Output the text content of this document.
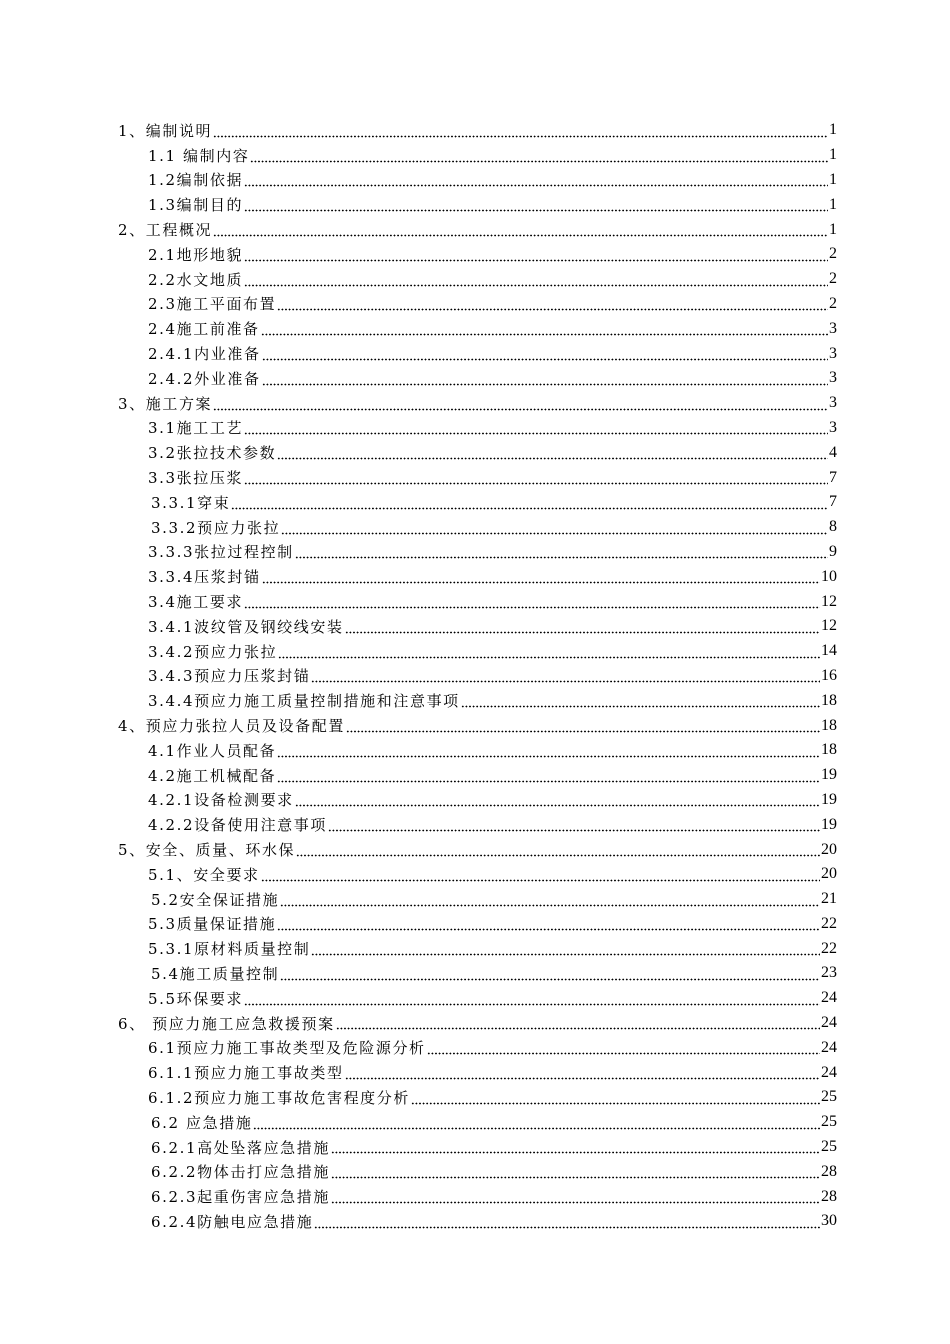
1、编制说明	1
1.1 编制内容	1
1.2编制依据	1
1.3编制目的	1
2、工程概况	1
2.1地形地貌	2
2.2水文地质	2
2.3施工平面布置	2
2.4施工前准备	3
2.4.1内业准备	3
2.4.2外业准备	3
3、施工方案	3
3.1施工工艺	3
3.2张拉技术参数	4
3.3张拉压浆	7
3.3.1穿束	7
3.3.2预应力张拉	8
3.3.3张拉过程控制	9
3.3.4压浆封锚	10
3.4施工要求	12
3.4.1波纹管及钢绞线安装	12
3.4.2预应力张拉	14
3.4.3预应力压浆封锚	16
3.4.4预应力施工质量控制措施和注意事项	18
4、预应力张拉人员及设备配置	18
4.1作业人员配备	18
4.2施工机械配备	19
4.2.1设备检测要求	19
4.2.2设备使用注意事项	19
5、安全、质量、环水保	20
5.1、安全要求	20
5.2安全保证措施	21
5.3质量保证措施	22
5.3.1原材料质量控制	22
5.4施工质量控制	23
5.5环保要求	24
6、 预应力施工应急救援预案	24
6.1预应力施工事故类型及危险源分析	24
6.1.1预应力施工事故类型	24
6.1.2预应力施工事故危害程度分析	25
6.2 应急措施	25
6.2.1高处坠落应急措施	25
6.2.2物体击打应急措施	28
6.2.3起重伤害应急措施	28
6.2.4防触电应急措施	30
